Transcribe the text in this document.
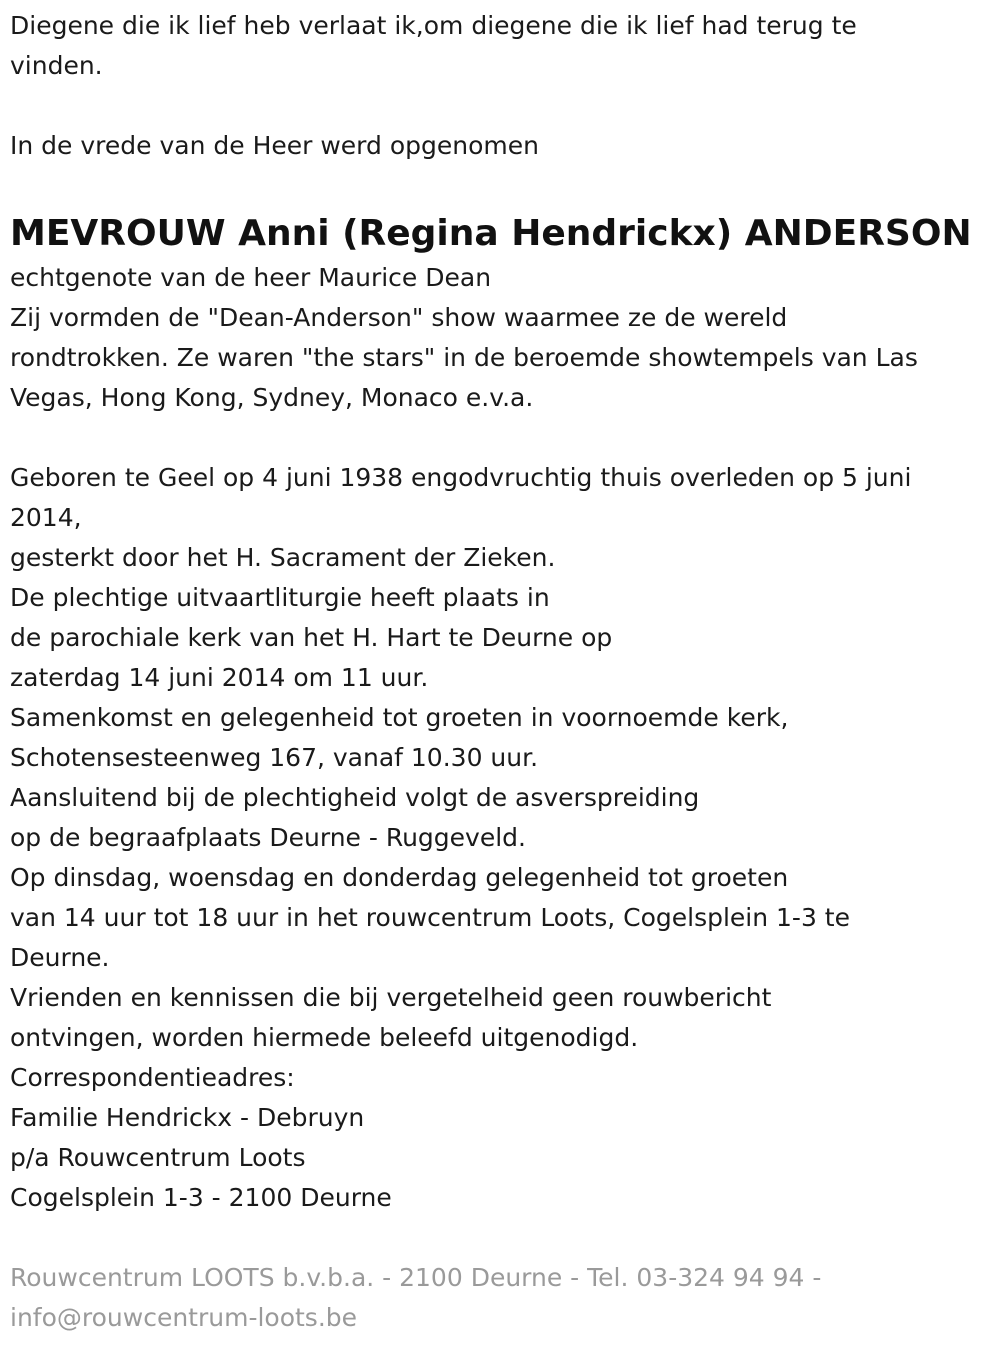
Diegene die ik lief heb verlaat ik,om diegene die ik lief had terug te

vinden.

In de vrede van de Heer werd opgenomen

MEVROUW Anni (Regina Hendrickx) ANDERSON

echtgenote van de heer Maurice Dean

Zij vormden de "Dean-Anderson" show waarmee ze de wereld

rondtrokken. Ze waren "the stars" in de beroemde showtempels van Las

Vegas, Hong Kong, Sydney, Monaco e.v.a.

Geboren te Geel op 4 juni 1938 engodvruchtig thuis overleden op 5 juni

2014,

gesterkt door het H. Sacrament der Zieken.

De plechtige uitvaartliturgie heeft plaats in

de parochiale kerk van het H. Hart te Deurne op

zaterdag 14 juni 2014 om 11 uur.

Samenkomst en gelegenheid tot groeten in voornoemde kerk,

Schotensesteenweg 167, vanaf 10.30 uur.

Aansluitend bij de plechtigheid volgt de asverspreiding

op de begraafplaats Deurne - Ruggeveld.

Op dinsdag, woensdag en donderdag gelegenheid tot groeten

van 14 uur tot 18 uur in het rouwcentrum Loots, Cogelsplein 1-3 te

Deurne.

Vrienden en kennissen die bij vergetelheid geen rouwbericht

ontvingen, worden hiermede beleefd uitgenodigd.

Correspondentieadres:

Familie Hendrickx - Debruyn

p/a Rouwcentrum Loots

Cogelsplein 1-3 - 2100 Deurne

Rouwcentrum LOOTS b.v.b.a. - 2100 Deurne - Tel. 03-324 94 94 -

info@rouwcentrum-loots.be
